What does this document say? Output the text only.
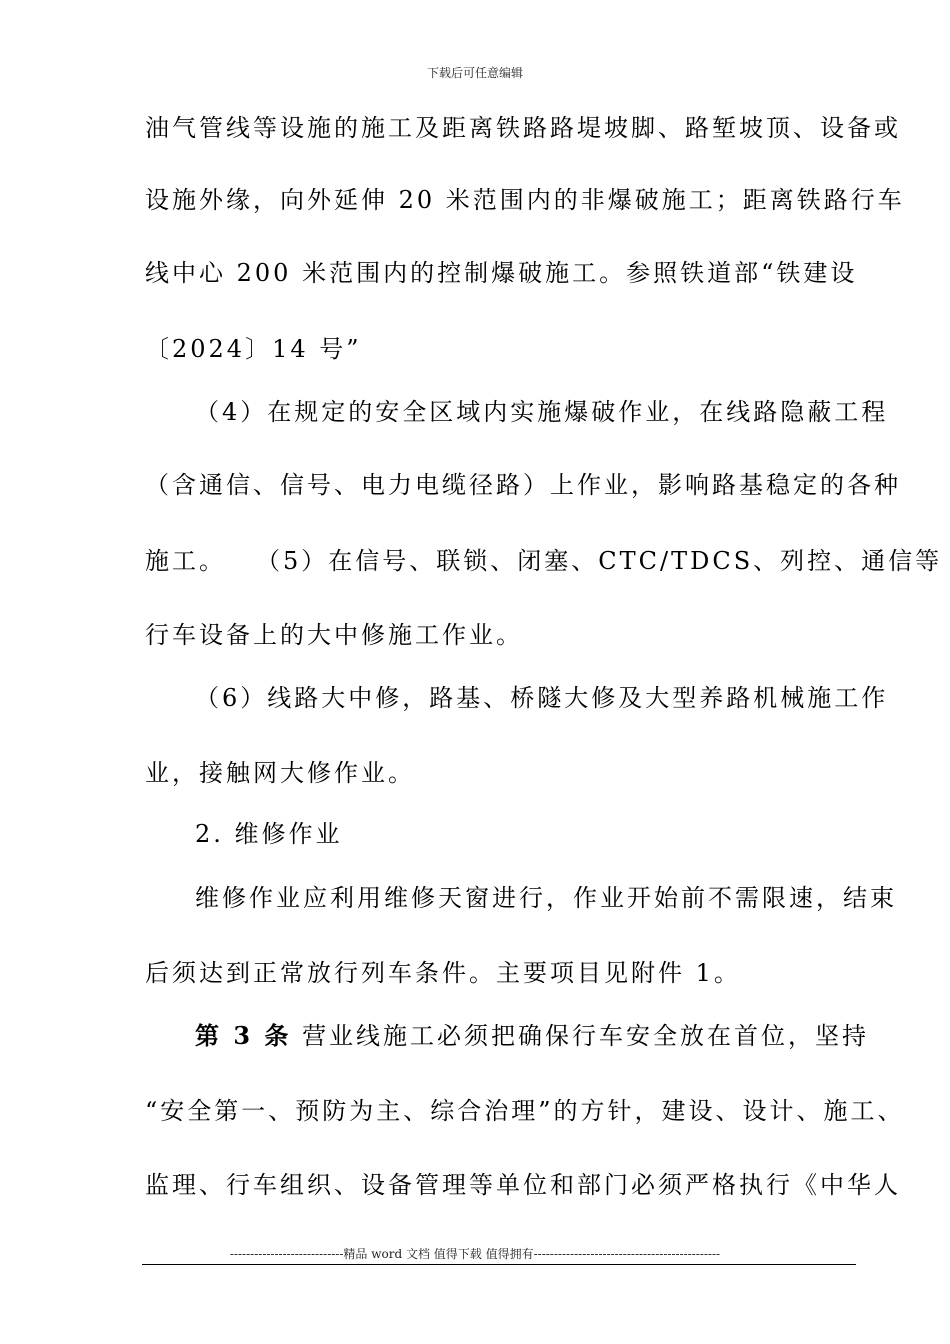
下载后可任意编辑
油气管线等设施的施工及距离铁路路堤坡脚、路堑坡顶、设备或
设施外缘，向外延伸 20 米范围内的非爆破施工；距离铁路行车
线中心 200 米范围内的控制爆破施工。参照铁道部“铁建设
〔2024〕14 号”
（4）在规定的安全区域内实施爆破作业，在线路隐蔽工程
（含通信、信号、电力电缆径路）上作业，影响路基稳定的各种
施工。　　（5）在信号、联锁、闭塞、CTC/TDCS、列控、通信等
行车设备上的大中修施工作业。
（6）线路大中修，路基、桥隧大修及大型养路机械施工作
业，接触网大修作业。
2. 维修作业
维修作业应利用维修天窗进行，作业开始前不需限速，结束
后须达到正常放行列车条件。主要项目见附件 1。
第 3 条 营业线施工必须把确保行车安全放在首位，坚持
“安全第一、预防为主、综合治理”的方针，建设、设计、施工、
监理、行车组织、设备管理等单位和部门必须严格执行《中华人
----------------------------精品 word 文档 值得下载 值得拥有----------------------------------------------
